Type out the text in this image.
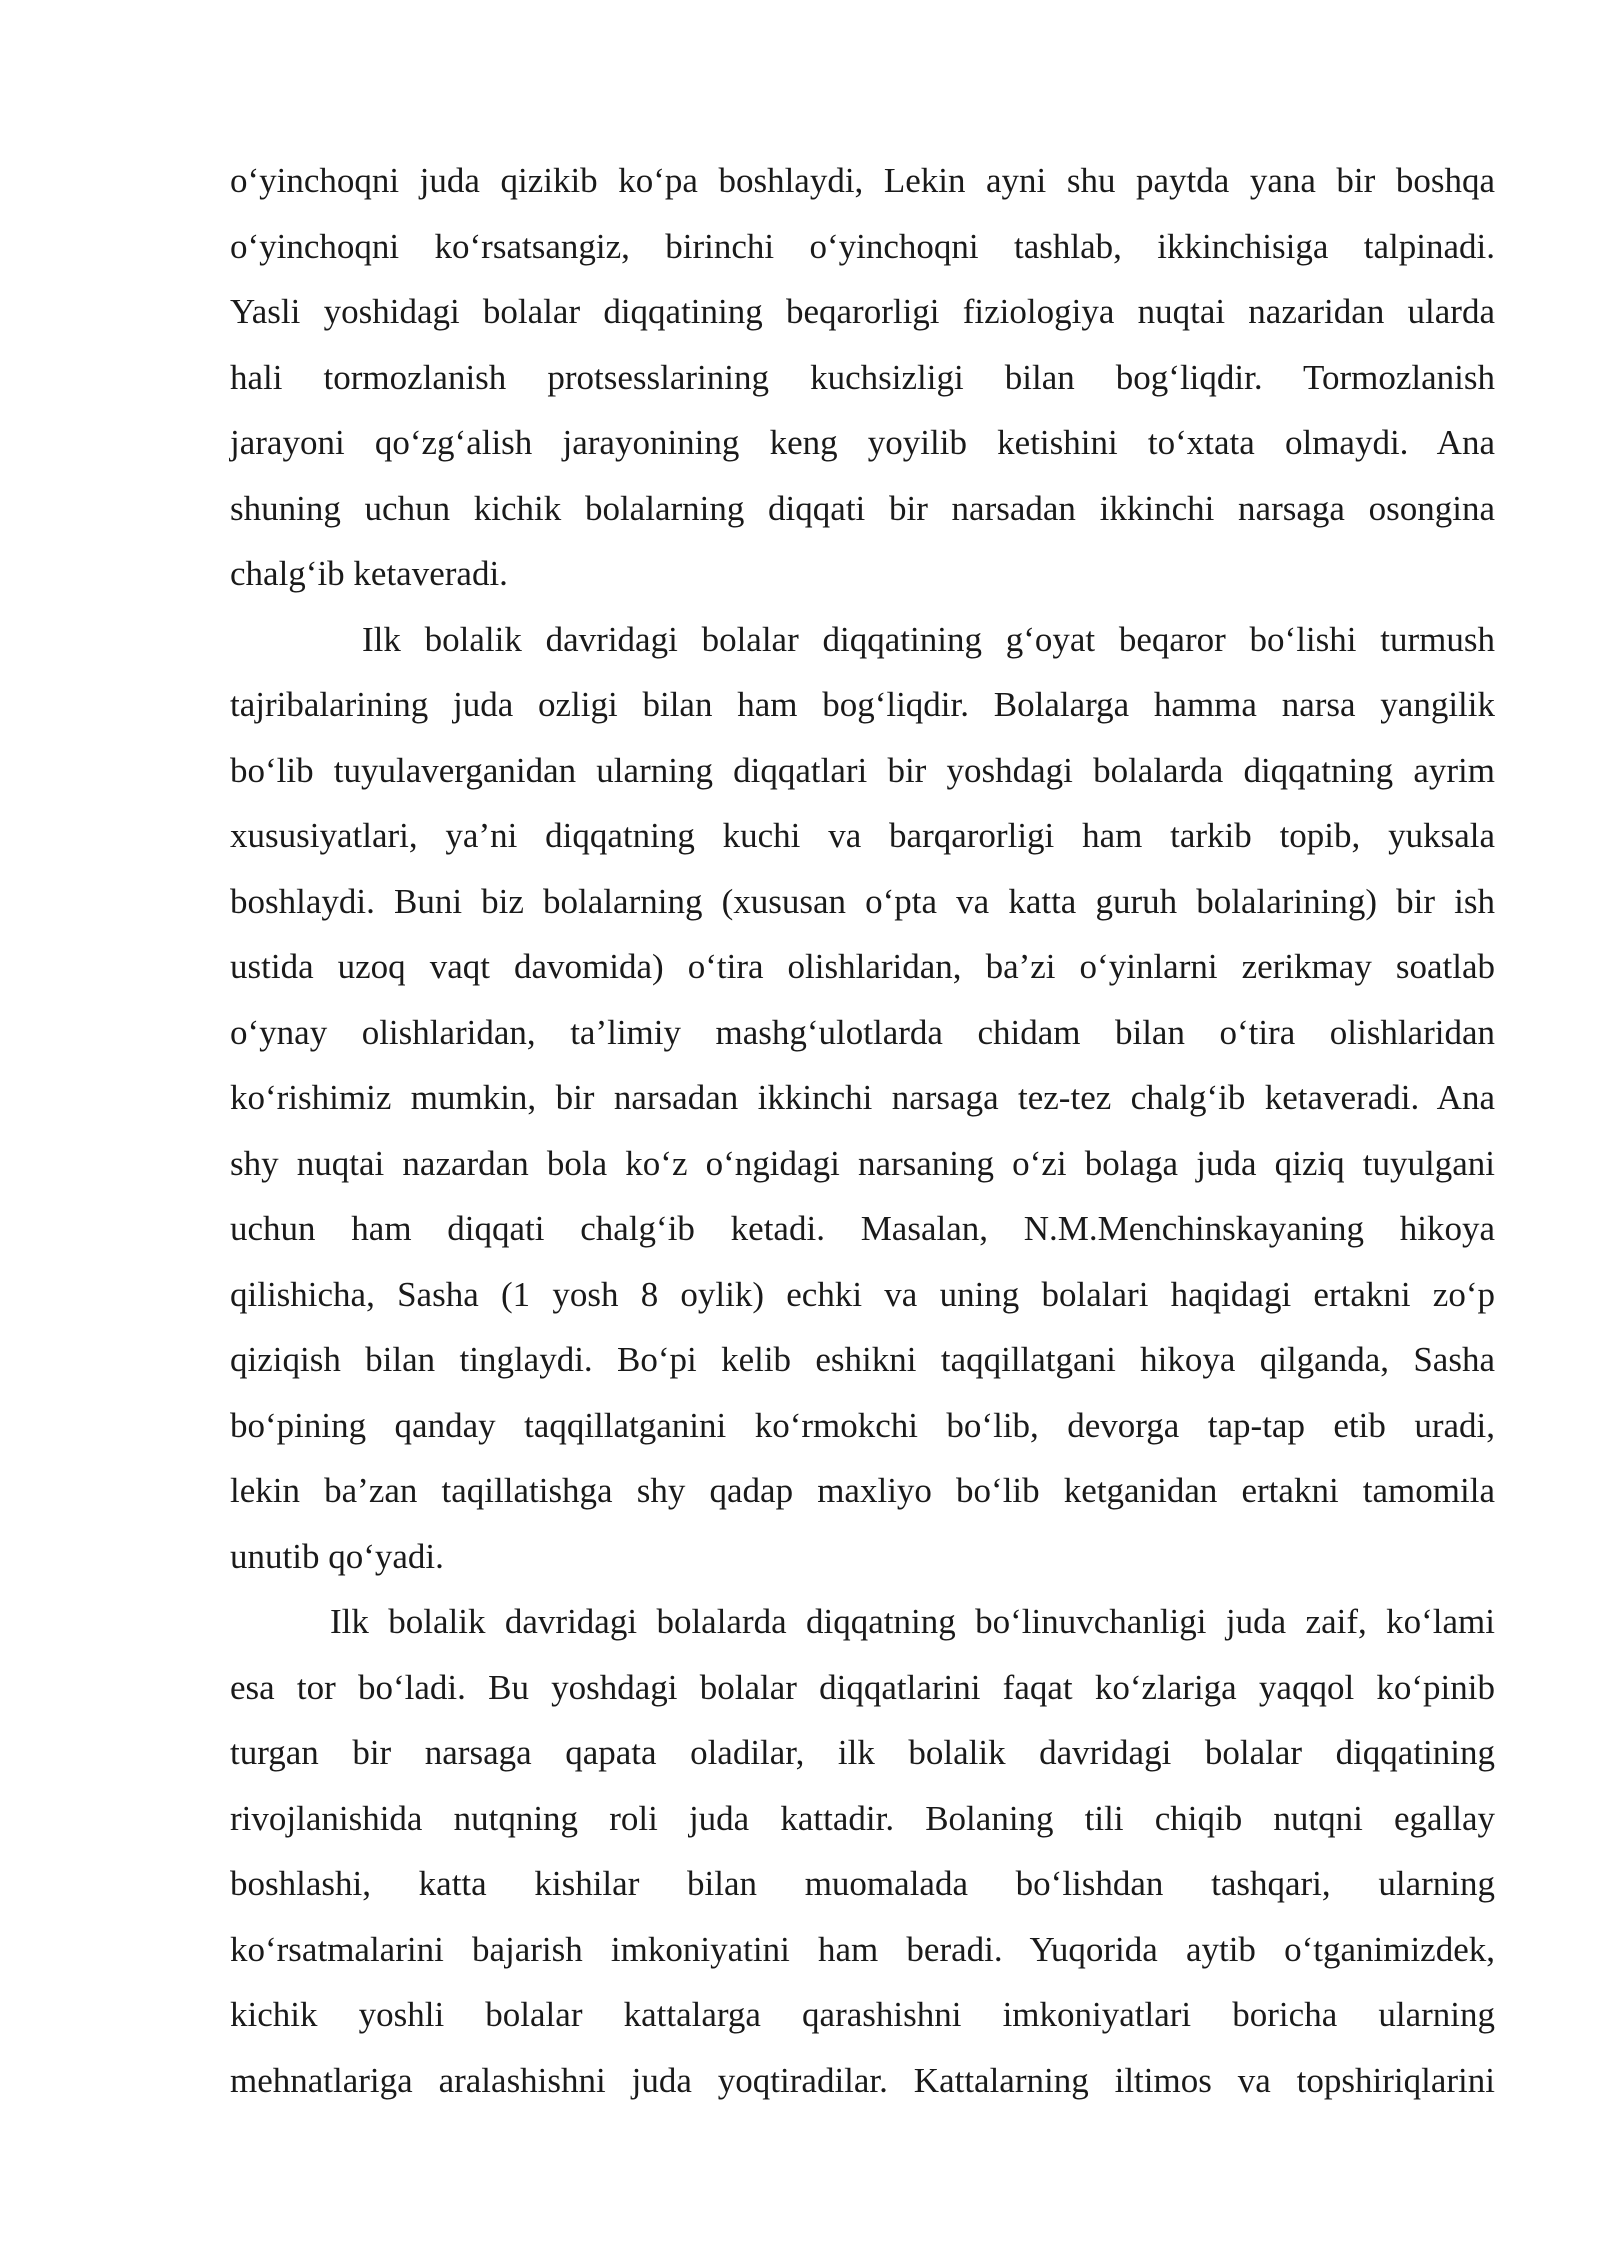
o‘yinchoqni juda qizikib ko‘pa boshlaydi, Lekin ayni shu paytda yana bir boshqa
o‘yinchoqni ko‘rsatsangiz, birinchi o‘yinchoqni tashlab, ikkinchisiga talpinadi.
Yasli yoshidagi bolalar diqqatining beqarorligi fiziologiya nuqtai nazaridan ularda
hali tormozlanish protsesslarining kuchsizligi bilan bog‘liqdir. Tormozlanish
jarayoni qo‘zg‘alish jarayonining keng yoyilib ketishini to‘xtata olmaydi. Ana
shuning uchun kichik bolalarning diqqati bir narsadan ikkinchi narsaga osongina
chalg‘ib ketaveradi.
Ilk bolalik davridagi bolalar diqqatining g‘oyat beqaror bo‘lishi turmush
tajribalarining juda ozligi bilan ham bog‘liqdir. Bolalarga hamma narsa yangilik
bo‘lib tuyulaverganidan ularning diqqatlari bir yoshdagi bolalarda diqqatning ayrim
xususiyatlari, ya’ni diqqatning kuchi va barqarorligi ham tarkib topib, yuksala
boshlaydi. Buni biz bolalarning (xususan o‘pta va katta guruh bolalarining) bir ish
ustida uzoq vaqt davomida) o‘tira olishlaridan, ba’zi o‘yinlarni zerikmay soatlab
o‘ynay olishlaridan, ta’limiy mashg‘ulotlarda chidam bilan o‘tira olishlaridan
ko‘rishimiz mumkin, bir narsadan ikkinchi narsaga tez-tez chalg‘ib ketaveradi. Ana
shy nuqtai nazardan bola ko‘z o‘ngidagi narsaning o‘zi bolaga juda qiziq tuyulgani
uchun ham diqqati chalg‘ib ketadi. Masalan, N.M.Menchinskayaning hikoya
qilishicha, Sasha (1 yosh 8 oylik) echki va uning bolalari haqidagi ertakni zo‘p
qiziqish bilan tinglaydi. Bo‘pi kelib eshikni taqqillatgani hikoya qilganda, Sasha
bo‘pining qanday taqqillatganini ko‘rmokchi bo‘lib, devorga tap-tap etib uradi,
lekin ba’zan taqillatishga shy qadap maxliyo bo‘lib ketganidan ertakni tamomila
unutib qo‘yadi.
Ilk bolalik davridagi bolalarda diqqatning bo‘linuvchanligi juda zaif, ko‘lami
esa tor bo‘ladi. Bu yoshdagi bolalar diqqatlarini faqat ko‘zlariga yaqqol ko‘pinib
turgan bir narsaga qapata oladilar, ilk bolalik davridagi bolalar diqqatining
rivojlanishida nutqning roli juda kattadir. Bolaning tili chiqib nutqni egallay
boshlashi, katta kishilar bilan muomalada bo‘lishdan tashqari, ularning
ko‘rsatmalarini bajarish imkoniyatini ham beradi. Yuqorida aytib o‘tganimizdek,
kichik yoshli bolalar kattalarga qarashishni imkoniyatlari boricha ularning
mehnatlariga aralashishni juda yoqtiradilar. Kattalarning iltimos va topshiriqlarini
